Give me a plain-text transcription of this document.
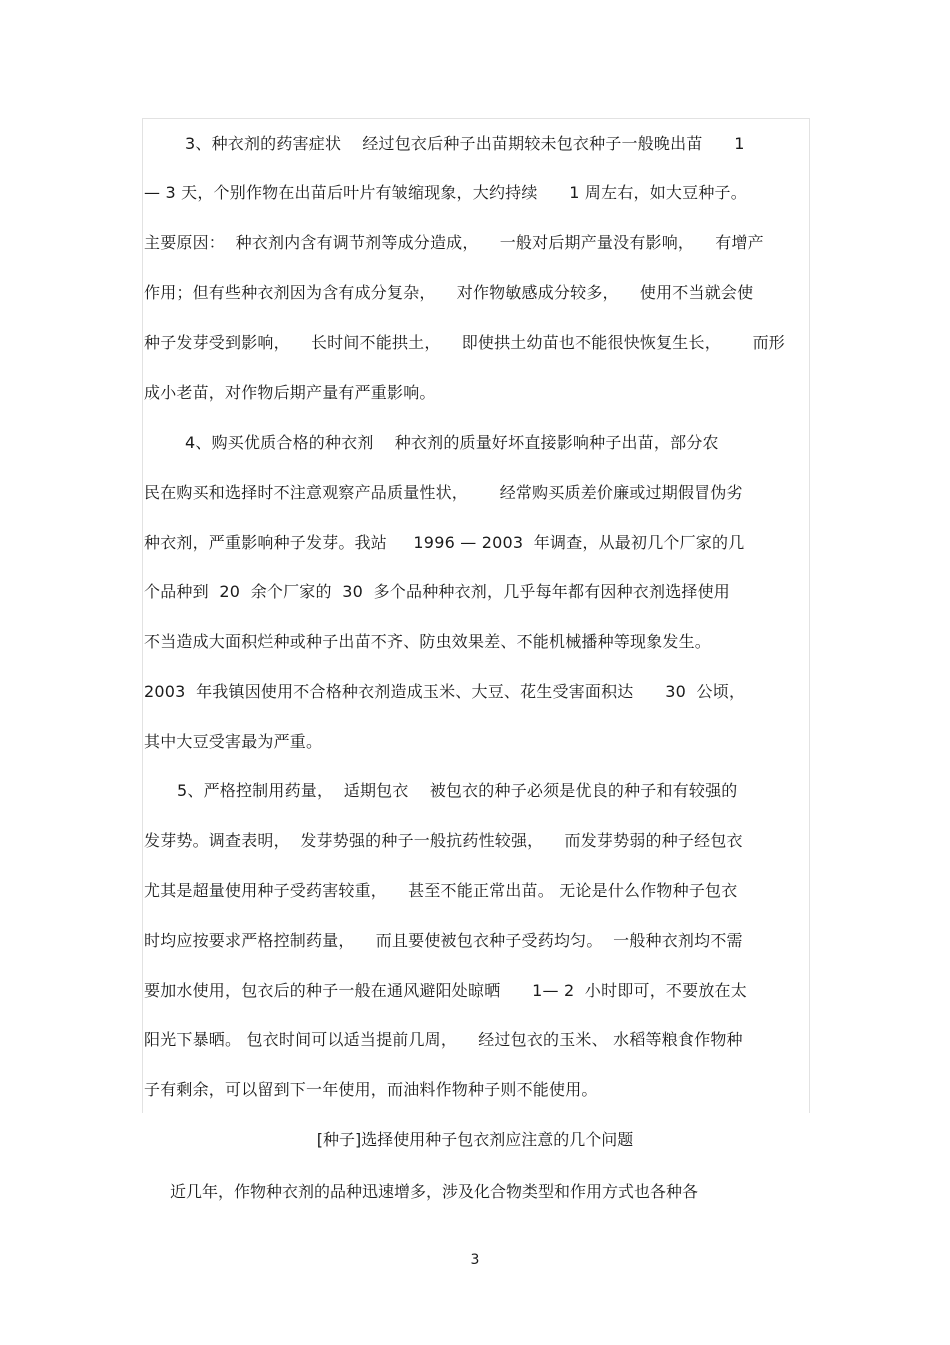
3、种衣剂的药害症状    经过包衣后种子出苗期较未包衣种子一般晚出苗      1
— 3 天，个别作物在出苗后叶片有皱缩现象，大约持续      1 周左右，如大豆种子。
主要原因：  种衣剂内含有调节剂等成分造成，    一般对后期产量没有影响，    有增产
作用；但有些种衣剂因为含有成分复杂，    对作物敏感成分较多，    使用不当就会使
种子发芽受到影响，    长时间不能拱土，    即使拱土幼苗也不能很快恢复生长，      而形
成小老苗，对作物后期产量有严重影响。
4、购买优质合格的种衣剂    种衣剂的质量好坏直接影响种子出苗，部分农
民在购买和选择时不注意观察产品质量性状，      经常购买质差价廉或过期假冒伪劣
种衣剂，严重影响种子发芽。我站     1996 — 2003  年调查，从最初几个厂家的几
个品种到  20  余个厂家的  30  多个品种种衣剂，几乎每年都有因种衣剂选择使用
不当造成大面积烂种或种子出苗不齐、防虫效果差、不能机械播种等现象发生。
2003  年我镇因使用不合格种衣剂造成玉米、大豆、花生受害面积达      30  公顷，
其中大豆受害最为严重。
5、严格控制用药量，  适期包衣    被包衣的种子必须是优良的种子和有较强的
发芽势。调查表明，  发芽势强的种子一般抗药性较强，    而发芽势弱的种子经包衣
尤其是超量使用种子受药害较重，    甚至不能正常出苗。 无论是什么作物种子包衣
时均应按要求严格控制药量，    而且要使被包衣种子受药均匀。  一般种衣剂均不需
要加水使用，包衣后的种子一般在通风避阳处晾晒      1— 2  小时即可，不要放在太
阳光下暴晒。 包衣时间可以适当提前几周，    经过包衣的玉米、 水稻等粮食作物种
子有剩余，可以留到下一年使用，而油料作物种子则不能使用。
[种子]选择使用种子包衣剂应注意的几个问题
近几年，作物种衣剂的品种迅速增多，涉及化合物类型和作用方式也各种各
3
